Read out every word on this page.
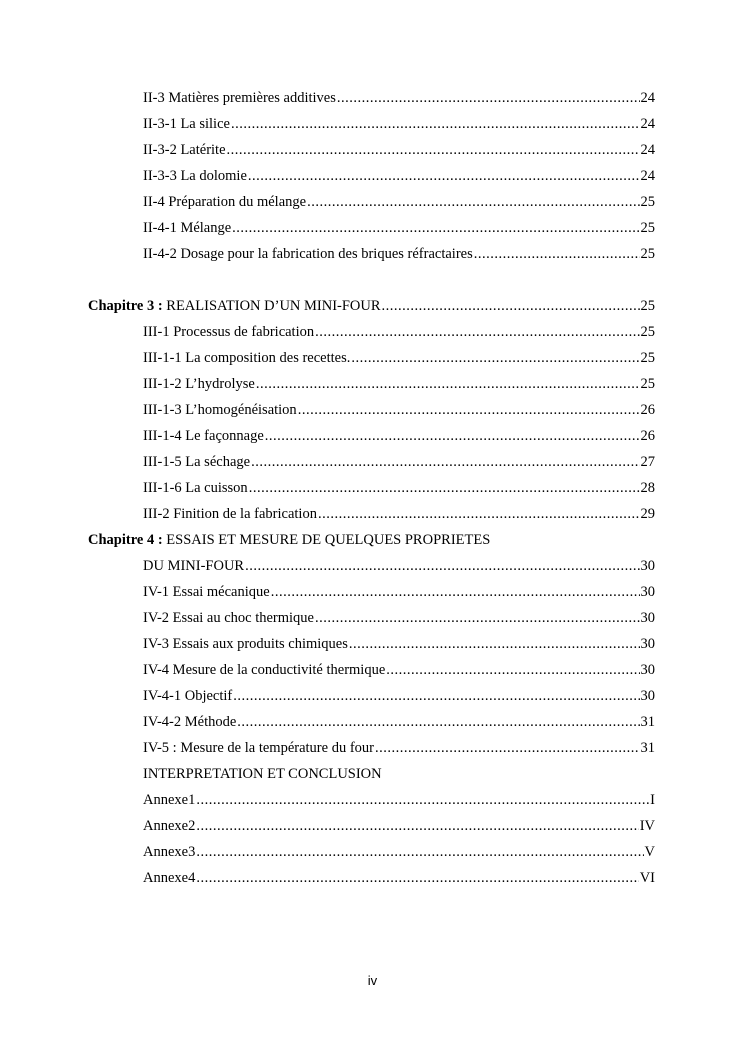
II-3 Matières premières additives .....	24
II-3-1 La silice .....	24
II-3-2 Latérite .....	24
II-3-3 La dolomie .....	24
II-4 Préparation du mélange .....	25
II-4-1 Mélange .....	25
II-4-2 Dosage pour la fabrication des briques réfractaires .....	25
Chapitre 3 : REALISATION D’UN MINI-FOUR .....	25
III-1 Processus de fabrication .....	25
III-1-1 La composition des recettes. .....	25
III-1-2 L’hydrolyse .....	25
III-1-3 L’homogénéisation .....	26
III-1-4 Le façonnage .....	26
III-1-5 La séchage .....	27
III-1-6 La cuisson .....	28
III-2 Finition de la fabrication .....	29
Chapitre 4 : ESSAIS ET MESURE DE QUELQUES PROPRIETES
DU MINI-FOUR .....	30
IV-1 Essai mécanique .....	30
IV-2 Essai au choc thermique .....	30
IV-3 Essais aux produits chimiques .....	30
IV-4 Mesure de la conductivité thermique .....	30
IV-4-1 Objectif .....	30
IV-4-2 Méthode .....	31
IV-5 : Mesure de la température du four .....	31
INTERPRETATION ET CONCLUSION
Annexe1 .....	I
Annexe2 .....	IV
Annexe3 .....	V
Annexe4 .....	VI
iv
